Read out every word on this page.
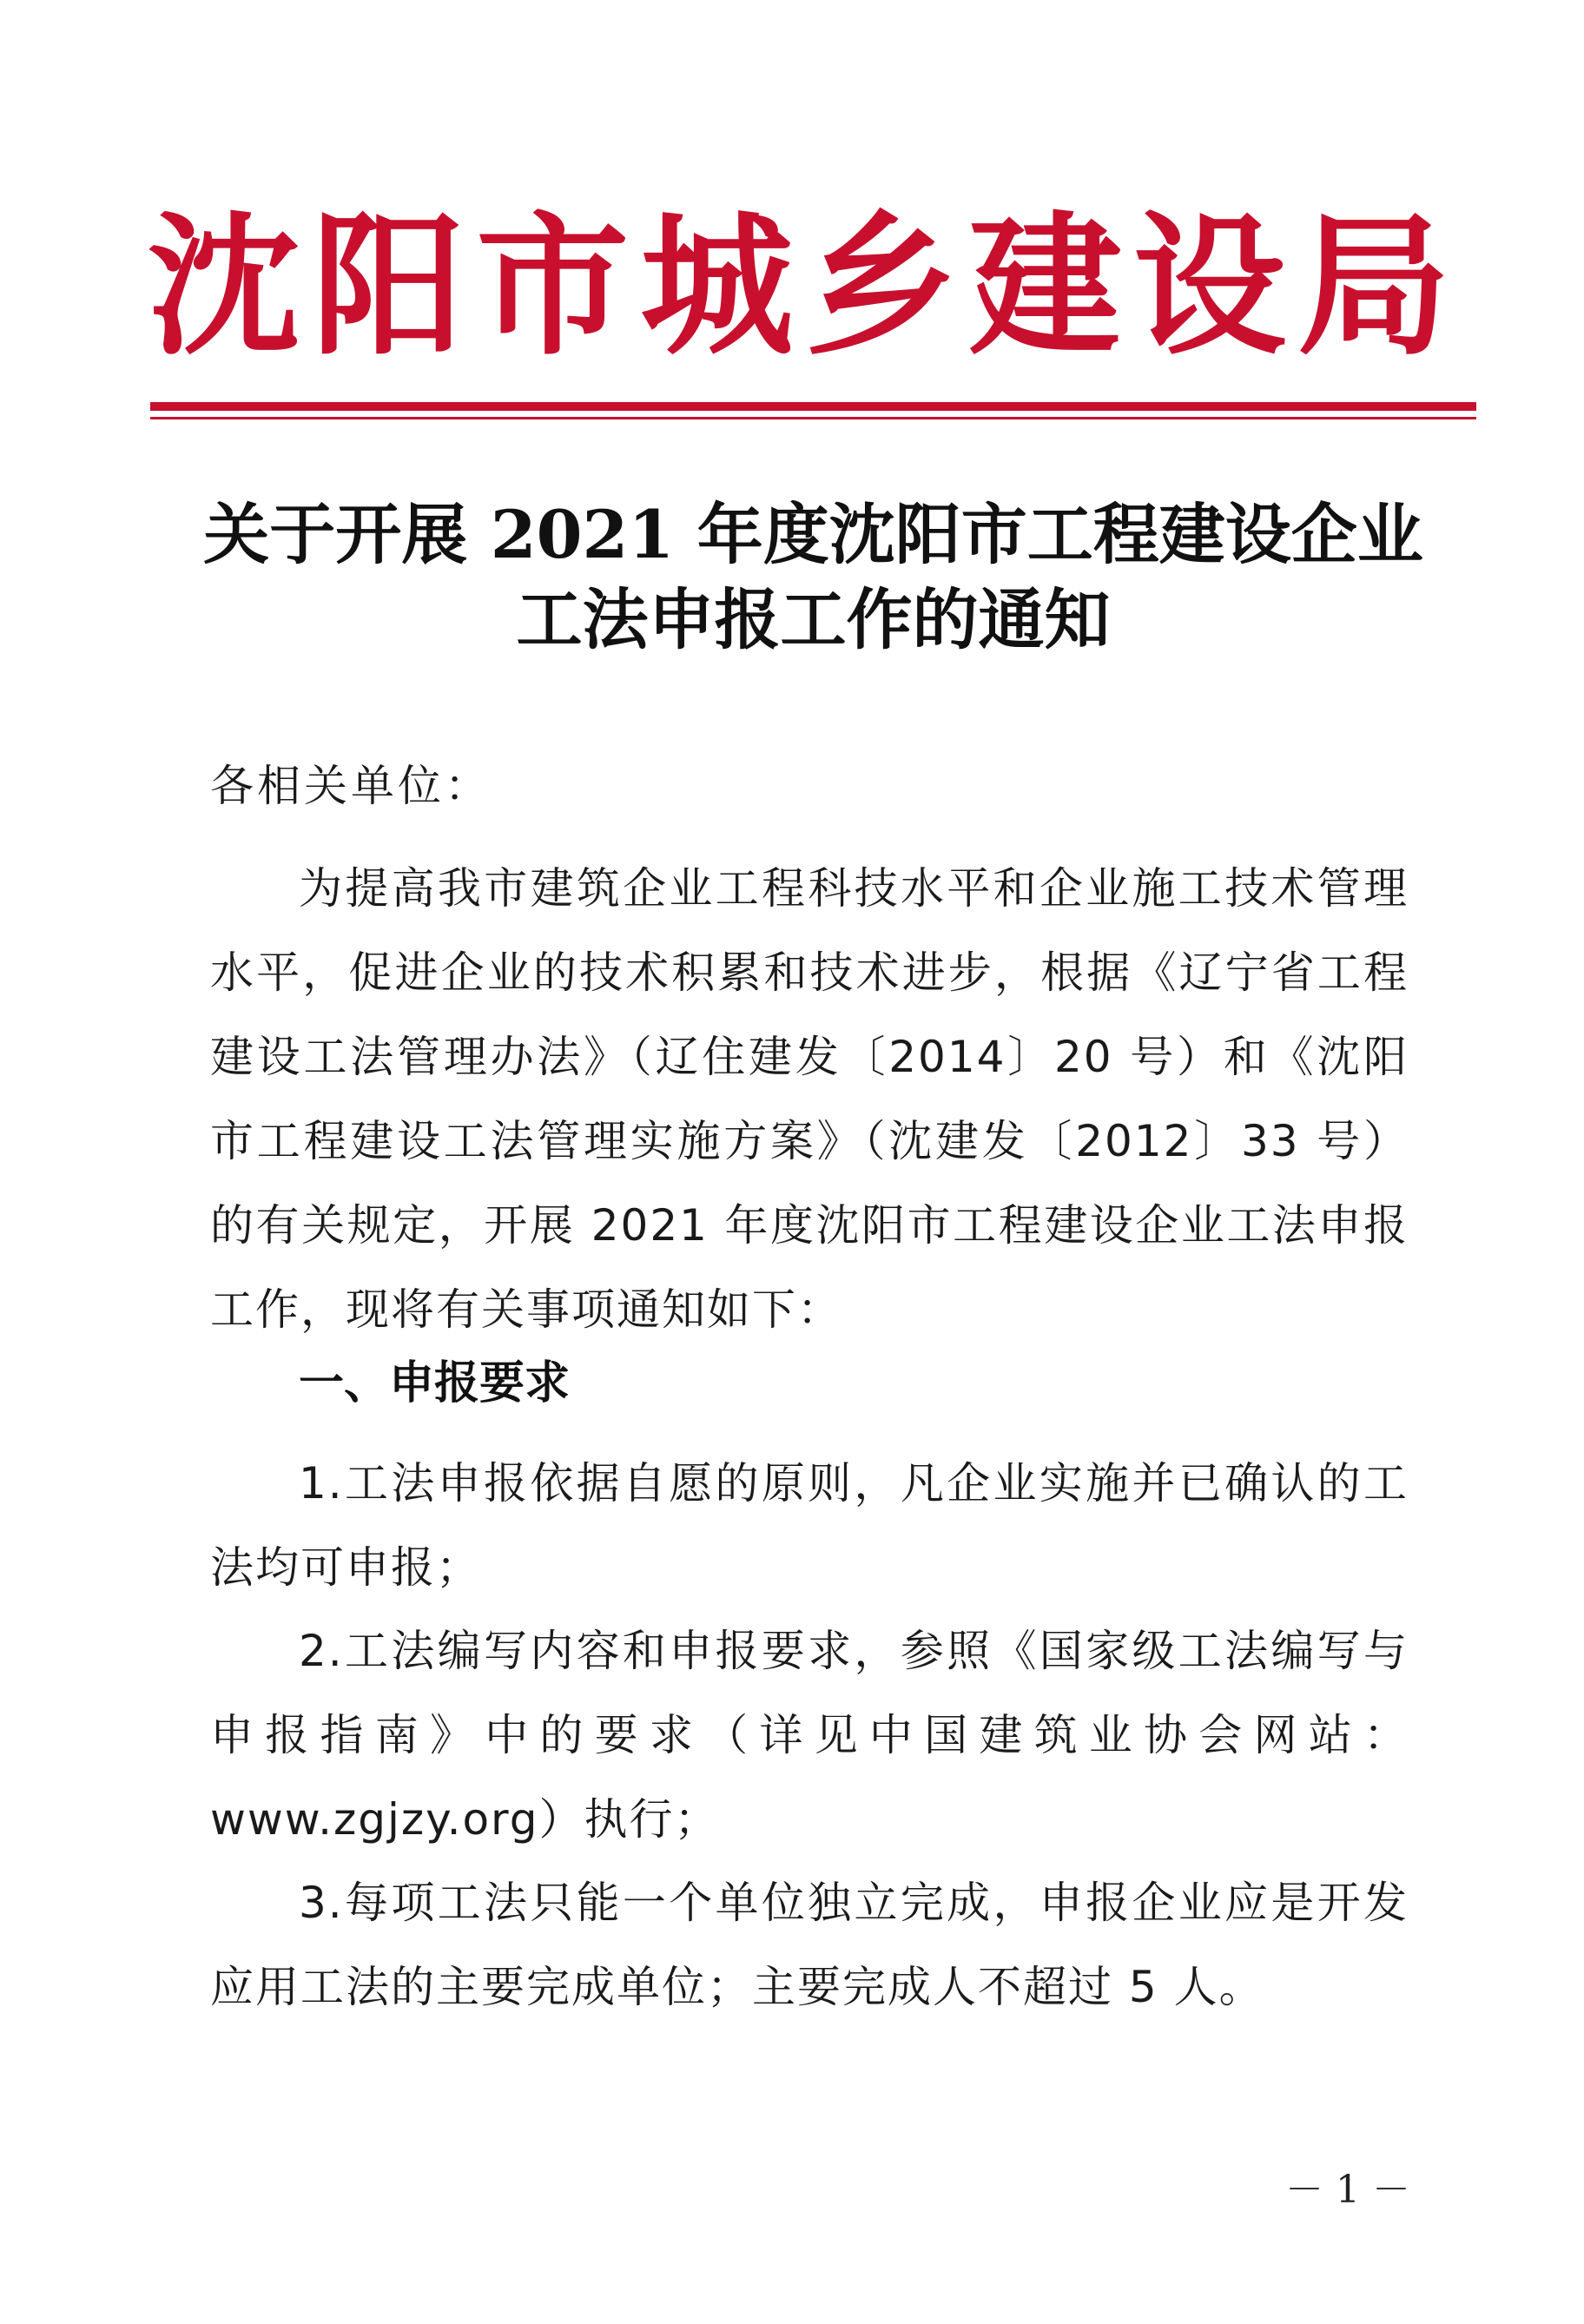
沈 阳 市 城 乡 建 设 局
关于开展 2021 年度沈阳市工程建设企业
工法申报工作的通知
各相关单位：

为提高我市建筑企业工程科技水平和企业施工技术管理水平，促进企业的技术积累和技术进步，根据《辽宁省工程建设工法管理办法》（辽住建发〔2014〕20 号）和《沈阳市工程建设工法管理实施方案》（沈建发〔2012〕33 号）的有关规定，开展 2021 年度沈阳市工程建设企业工法申报工作，现将有关事项通知如下：

一、申报要求

1.工法申报依据自愿的原则，凡企业实施并已确认的工法均可申报；

2.工法编写内容和申报要求，参照《国家级工法编写与申报指南》中的要求（详见中国建筑业协会网站：www.zgjzy.org）执行；

3.每项工法只能一个单位独立完成，申报企业应是开发应用工法的主要完成单位；主要完成人不超过 5 人。

－ 1 －
